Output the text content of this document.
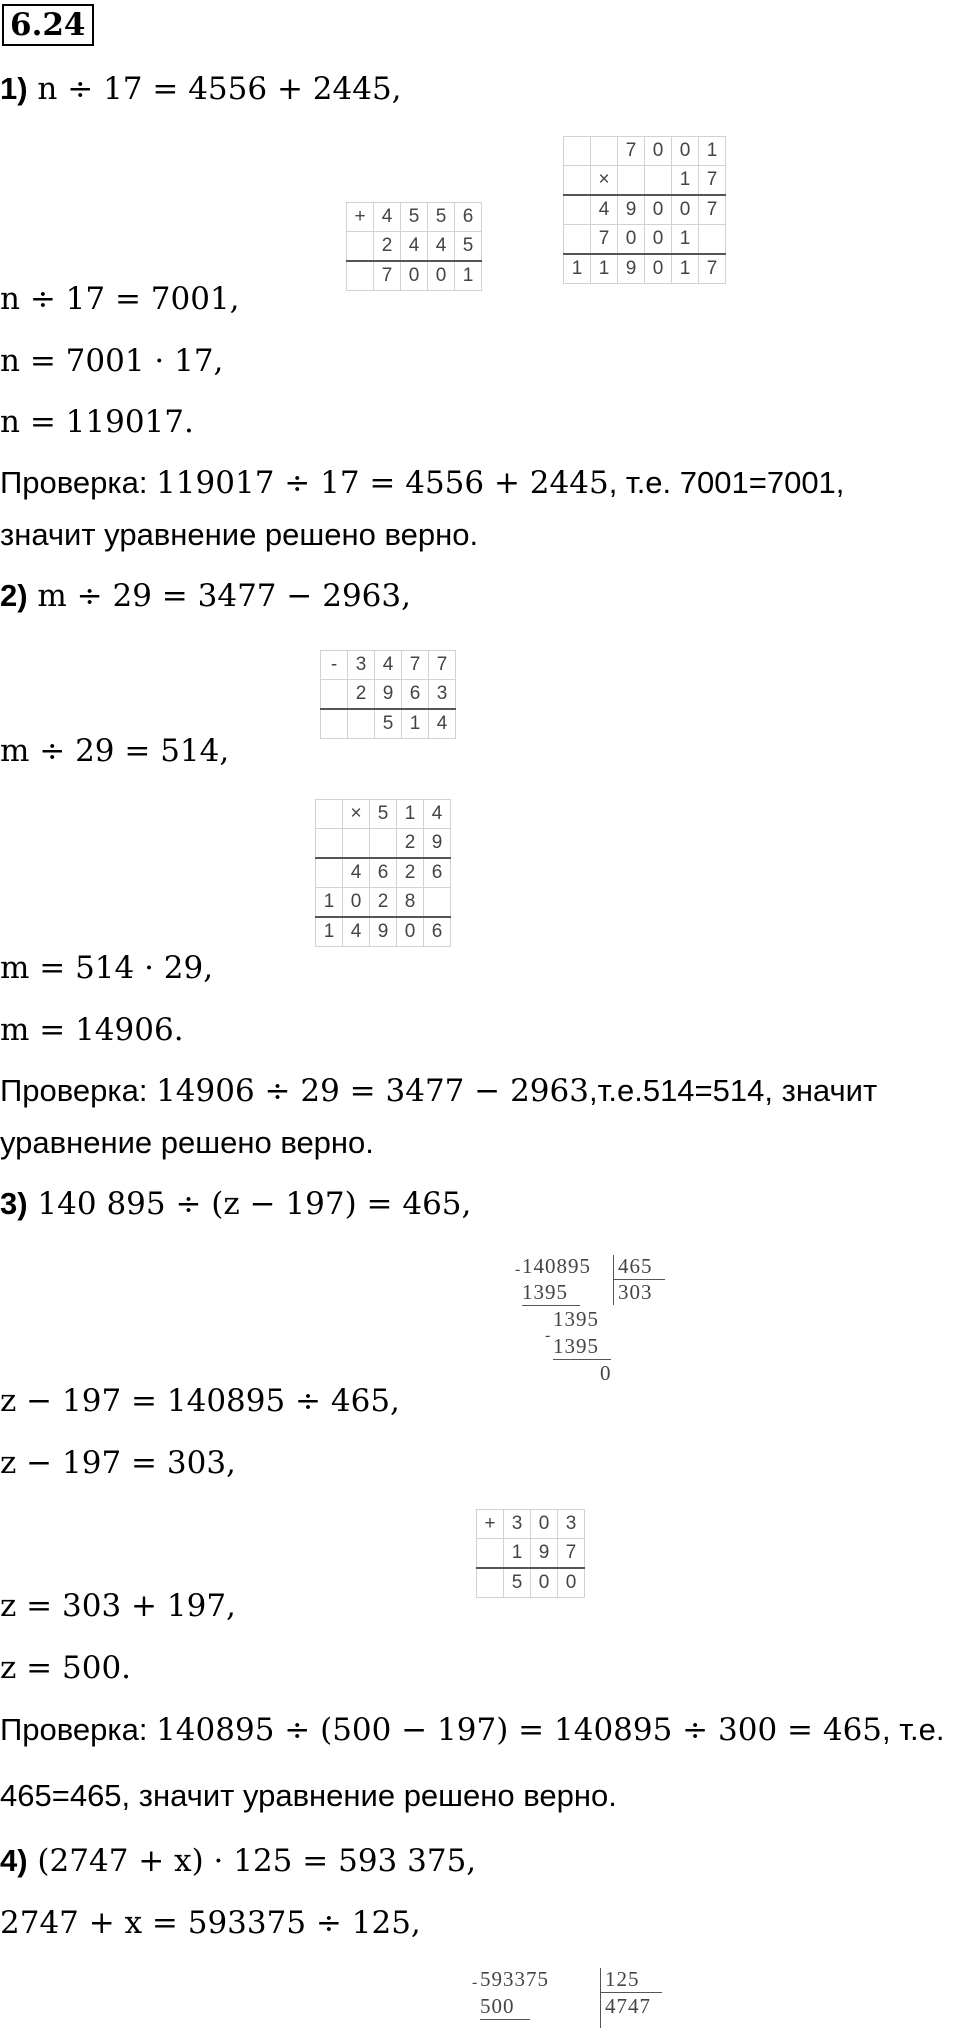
6.24
1) n ÷ 17 = 4556 + 2445,
+	4	5	5	6
	2	4	4	5
	7	0	0	1
		7	0	0	1
	×			1	7
	4	9	0	0	7
	7	0	0	1	
1	1	9	0	1	7
n ÷ 17 = 7001,
n = 7001 · 17,
n = 119017.
Проверка: 119017 ÷ 17 = 4556 + 2445, т.е. 7001=7001,
значит уравнение решено верно.
2) m ÷ 29 = 3477 − 2963,
-	3	4	7	7
	2	9	6	3
		5	1	4
m ÷ 29 = 514,
	×	5	1	4
			2	9
	4	6	2	6
1	0	2	8	
1	4	9	0	6
m = 514 · 29,
m = 14906.
Проверка: 14906 ÷ 29 = 3477 − 2963,т.е.514=514, значит
уравнение решено верно.
3) 140 895 ÷ (z − 197) = 465,
140895 465
303
-
1395
1395
- 1395
0
z − 197 = 140895 ÷ 465,
z − 197 = 303,
+	3	0	3
	1	9	7
	5	0	0
z = 303 + 197,
z = 500.
Проверка: 140895 ÷ (500 − 197) = 140895 ÷ 300 = 465, т.е.
465=465, значит уравнение решено верно.
4) (2747 + x) · 125 = 593 375,
2747 + x = 593375 ÷ 125,
593375	125
4747
-
500
